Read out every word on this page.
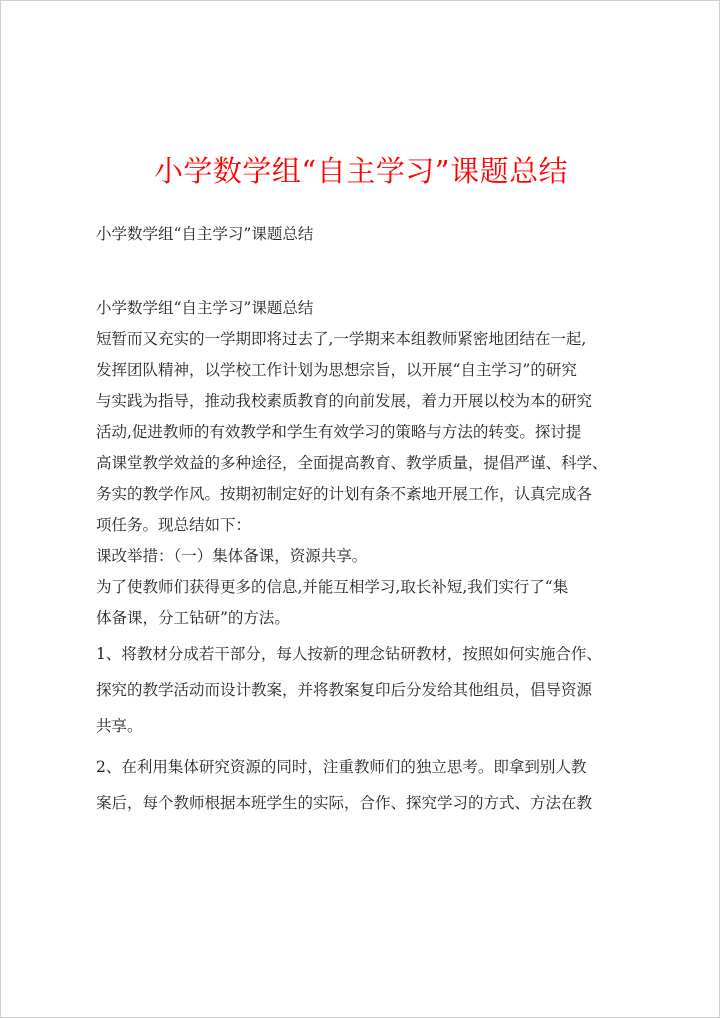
小学数学组“自主学习”课题总结
小学数学组“自主学习”课题总结
小学数学组“自主学习”课题总结
短暂而又充实的一学期即将过去了,一学期来本组教师紧密地团结在一起,
发挥团队精神，以学校工作计划为思想宗旨，以开展“自主学习”的研究
与实践为指导，推动我校素质教育的向前发展，着力开展以校为本的研究
活动,促进教师的有效教学和学生有效学习的策略与方法的转变。探讨提
高课堂教学效益的多种途径，全面提高教育、教学质量，提倡严谨、科学、
务实的教学作风。按期初制定好的计划有条不紊地开展工作，认真完成各
项任务。现总结如下：
课改举措：（一）集体备课，资源共享。
为了使教师们获得更多的信息,并能互相学习,取长补短,我们实行了“集
体备课，分工钻研”的方法。
1、将教材分成若干部分，每人按新的理念钻研教材，按照如何实施合作、
探究的教学活动而设计教案，并将教案复印后分发给其他组员，倡导资源
共享。
2、在利用集体研究资源的同时，注重教师们的独立思考。即拿到别人教
案后，每个教师根据本班学生的实际，合作、探究学习的方式、方法在教
